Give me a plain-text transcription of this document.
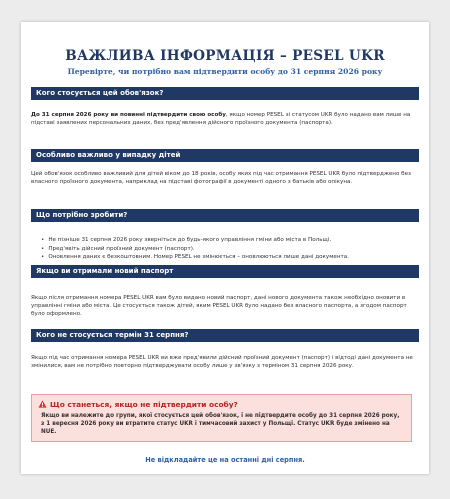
ВАЖЛИВА ІНФОРМАЦІЯ – PESEL UKR
Перевірте, чи потрібно вам підтвердити особу до 31 серпня 2026 року
Кого стосується цей обов'язок?

До 31 серпня 2026 року ви повинні підтвердити свою особу, якщо номер PESEL зі статусом UKR було надано вам лише на підставі заявлених персональних даних, без пред'явлення дійсного проїзного документа (паспорта).

Особливо важливо у випадку дітей

Цей обов'язок особливо важливий для дітей віком до 18 років, особу яких під час отримання PESEL UKR було підтверджено без власного проїзного документа, наприклад на підставі фотографії в документі одного з батьків або опікуна.

Що потрібно зробити?
• Не пізніше 31 серпня 2026 року зверніться до будь-якого управління гміни або міста в Польщі.
• Пред'явіть дійсний проїзний документ (паспорт).
• Оновлення даних є безкоштовним. Номер PESEL не змінюється – оновлюються лише дані документа.
Якщо ви отримали новий паспорт

Якщо після отримання номера PESEL UKR вам було видано новий паспорт, дані нового документа також необхідно оновити в управлінні гміни або міста. Це стосується також дітей, яким PESEL UKR було надано без власного паспорта, а згодом паспорт було оформлено.

Кого не стосується термін 31 серпня?

Якщо під час отримання номера PESEL UKR ви вже пред'явили дійсний проїзний документ (паспорт) і відтоді дані документа не змінилися, вам не потрібно повторно підтверджувати особу лише у зв'язку з терміном 31 серпня 2026 року.

Що станеться, якщо не підтвердити особу?

Якщо ви належите до групи, якої стосується цей обов'язок, і не підтвердите особу до 31 серпня 2026 року, з 1 вересня 2026 року ви втратите статус UKR і тимчасовий захист у Польщі. Статус UKR буде змінено на NUE.

Не відкладайте це на останні дні серпня.
